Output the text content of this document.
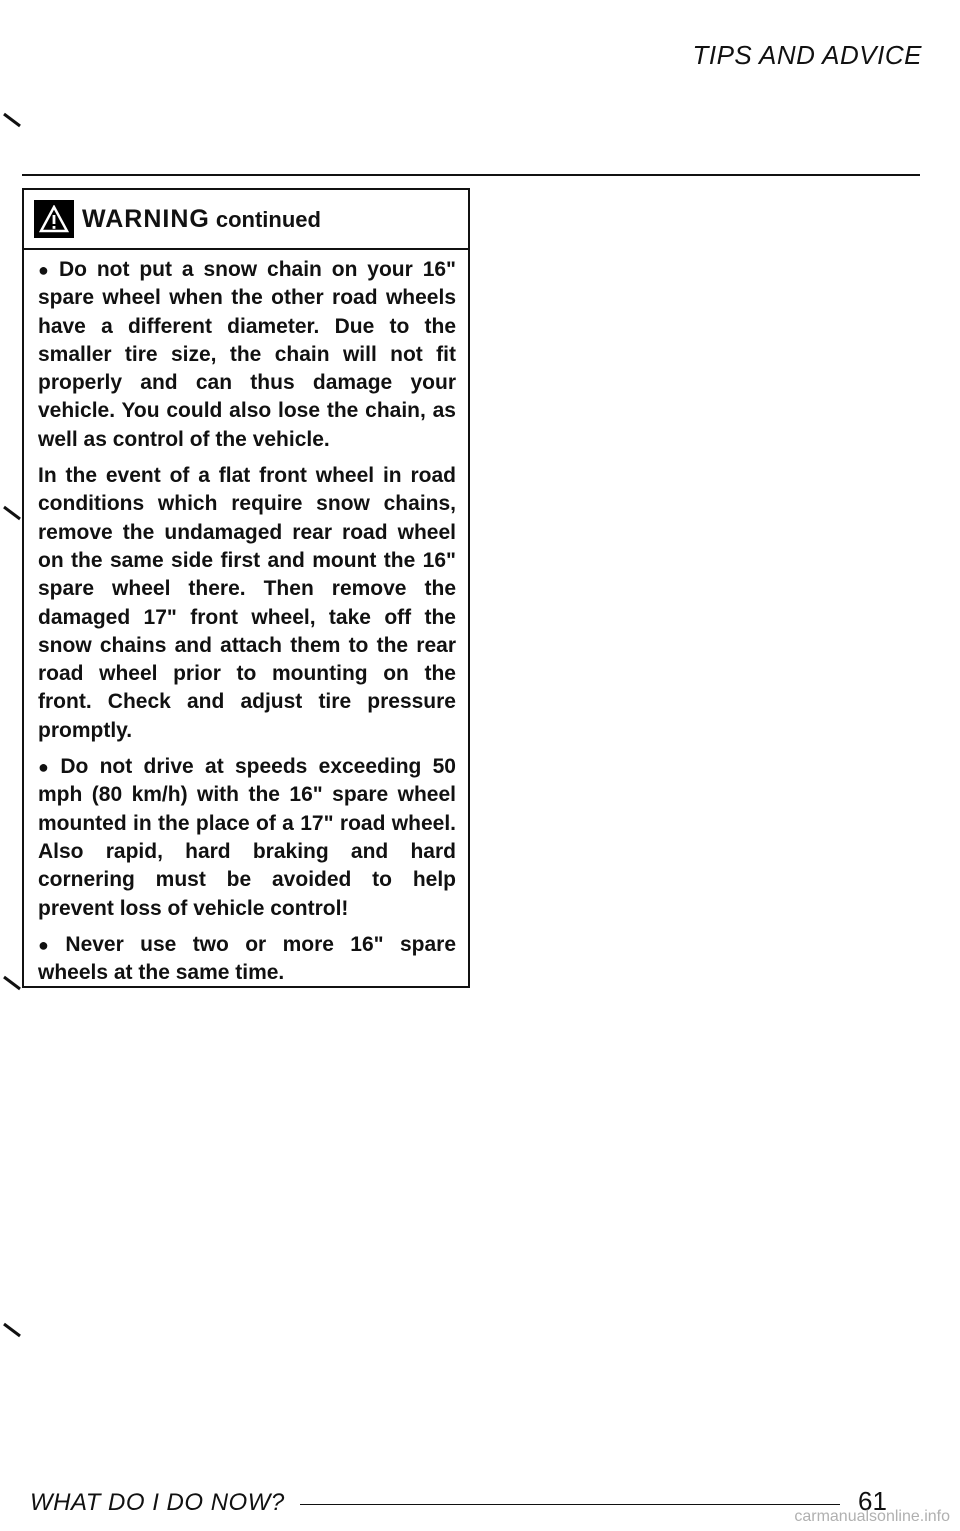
TIPS AND ADVICE
WARNING continued

● Do not put a snow chain on your 16" spare wheel when the other road wheels have a different diameter. Due to the smaller tire size, the chain will not fit properly and can thus damage your vehicle. You could also lose the chain, as well as control of the vehicle.

In the event of a flat front wheel in road conditions which require snow chains, remove the undamaged rear road wheel on the same side first and mount the 16" spare wheel there. Then remove the damaged 17" front wheel, take off the snow chains and attach them to the rear road wheel prior to mounting on the front. Check and adjust tire pressure promptly.

● Do not drive at speeds exceeding 50 mph (80 km/h) with the 16" spare wheel mounted in the place of a 17" road wheel. Also rapid, hard braking and hard cornering must be avoided to help prevent loss of vehicle control!

● Never use two or more 16" spare wheels at the same time.

WHAT DO I DO NOW?	61
carmanualsonline.info
